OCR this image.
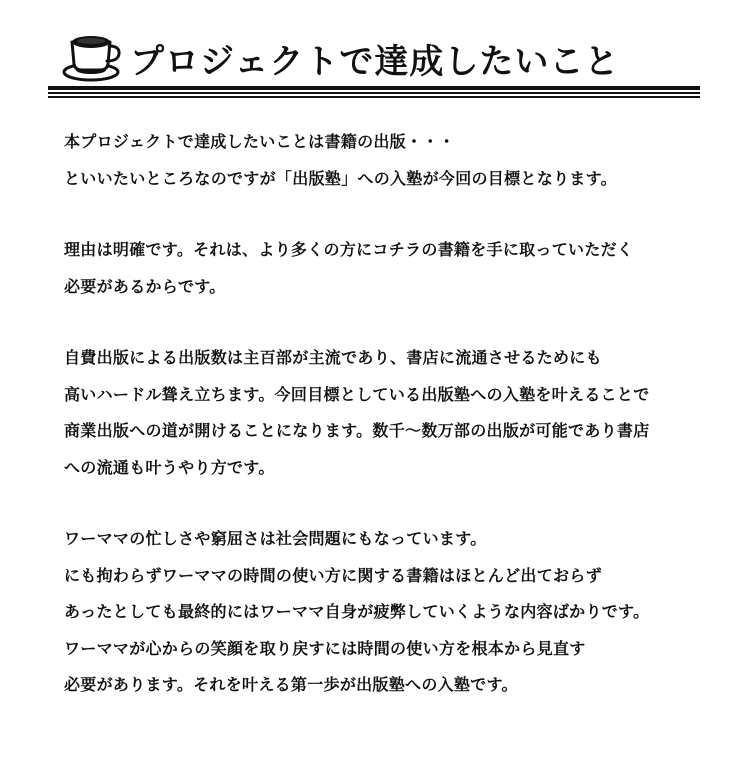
プロジェクトで達成したいこと
本プロジェクトで達成したいことは書籍の出版・・・
といいたいところなのですが「出版塾」への入塾が今回の目標となります。
理由は明確です。それは、より多くの方にコチラの書籍を手に取っていただく
必要があるからです。
自費出版による出版数は主百部が主流であり、書店に流通させるためにも
高いハードル聳え立ちます。今回目標としている出版塾への入塾を叶えることで
商業出版への道が開けることになります。数千～数万部の出版が可能であり書店
への流通も叶うやり方です。
ワーママの忙しさや窮屈さは社会問題にもなっています。
にも拘わらずワーママの時間の使い方に関する書籍はほとんど出ておらず
あったとしても最終的にはワーママ自身が疲弊していくような内容ばかりです。
ワーママが心からの笑顔を取り戻すには時間の使い方を根本から見直す
必要があります。それを叶える第一歩が出版塾への入塾です。
